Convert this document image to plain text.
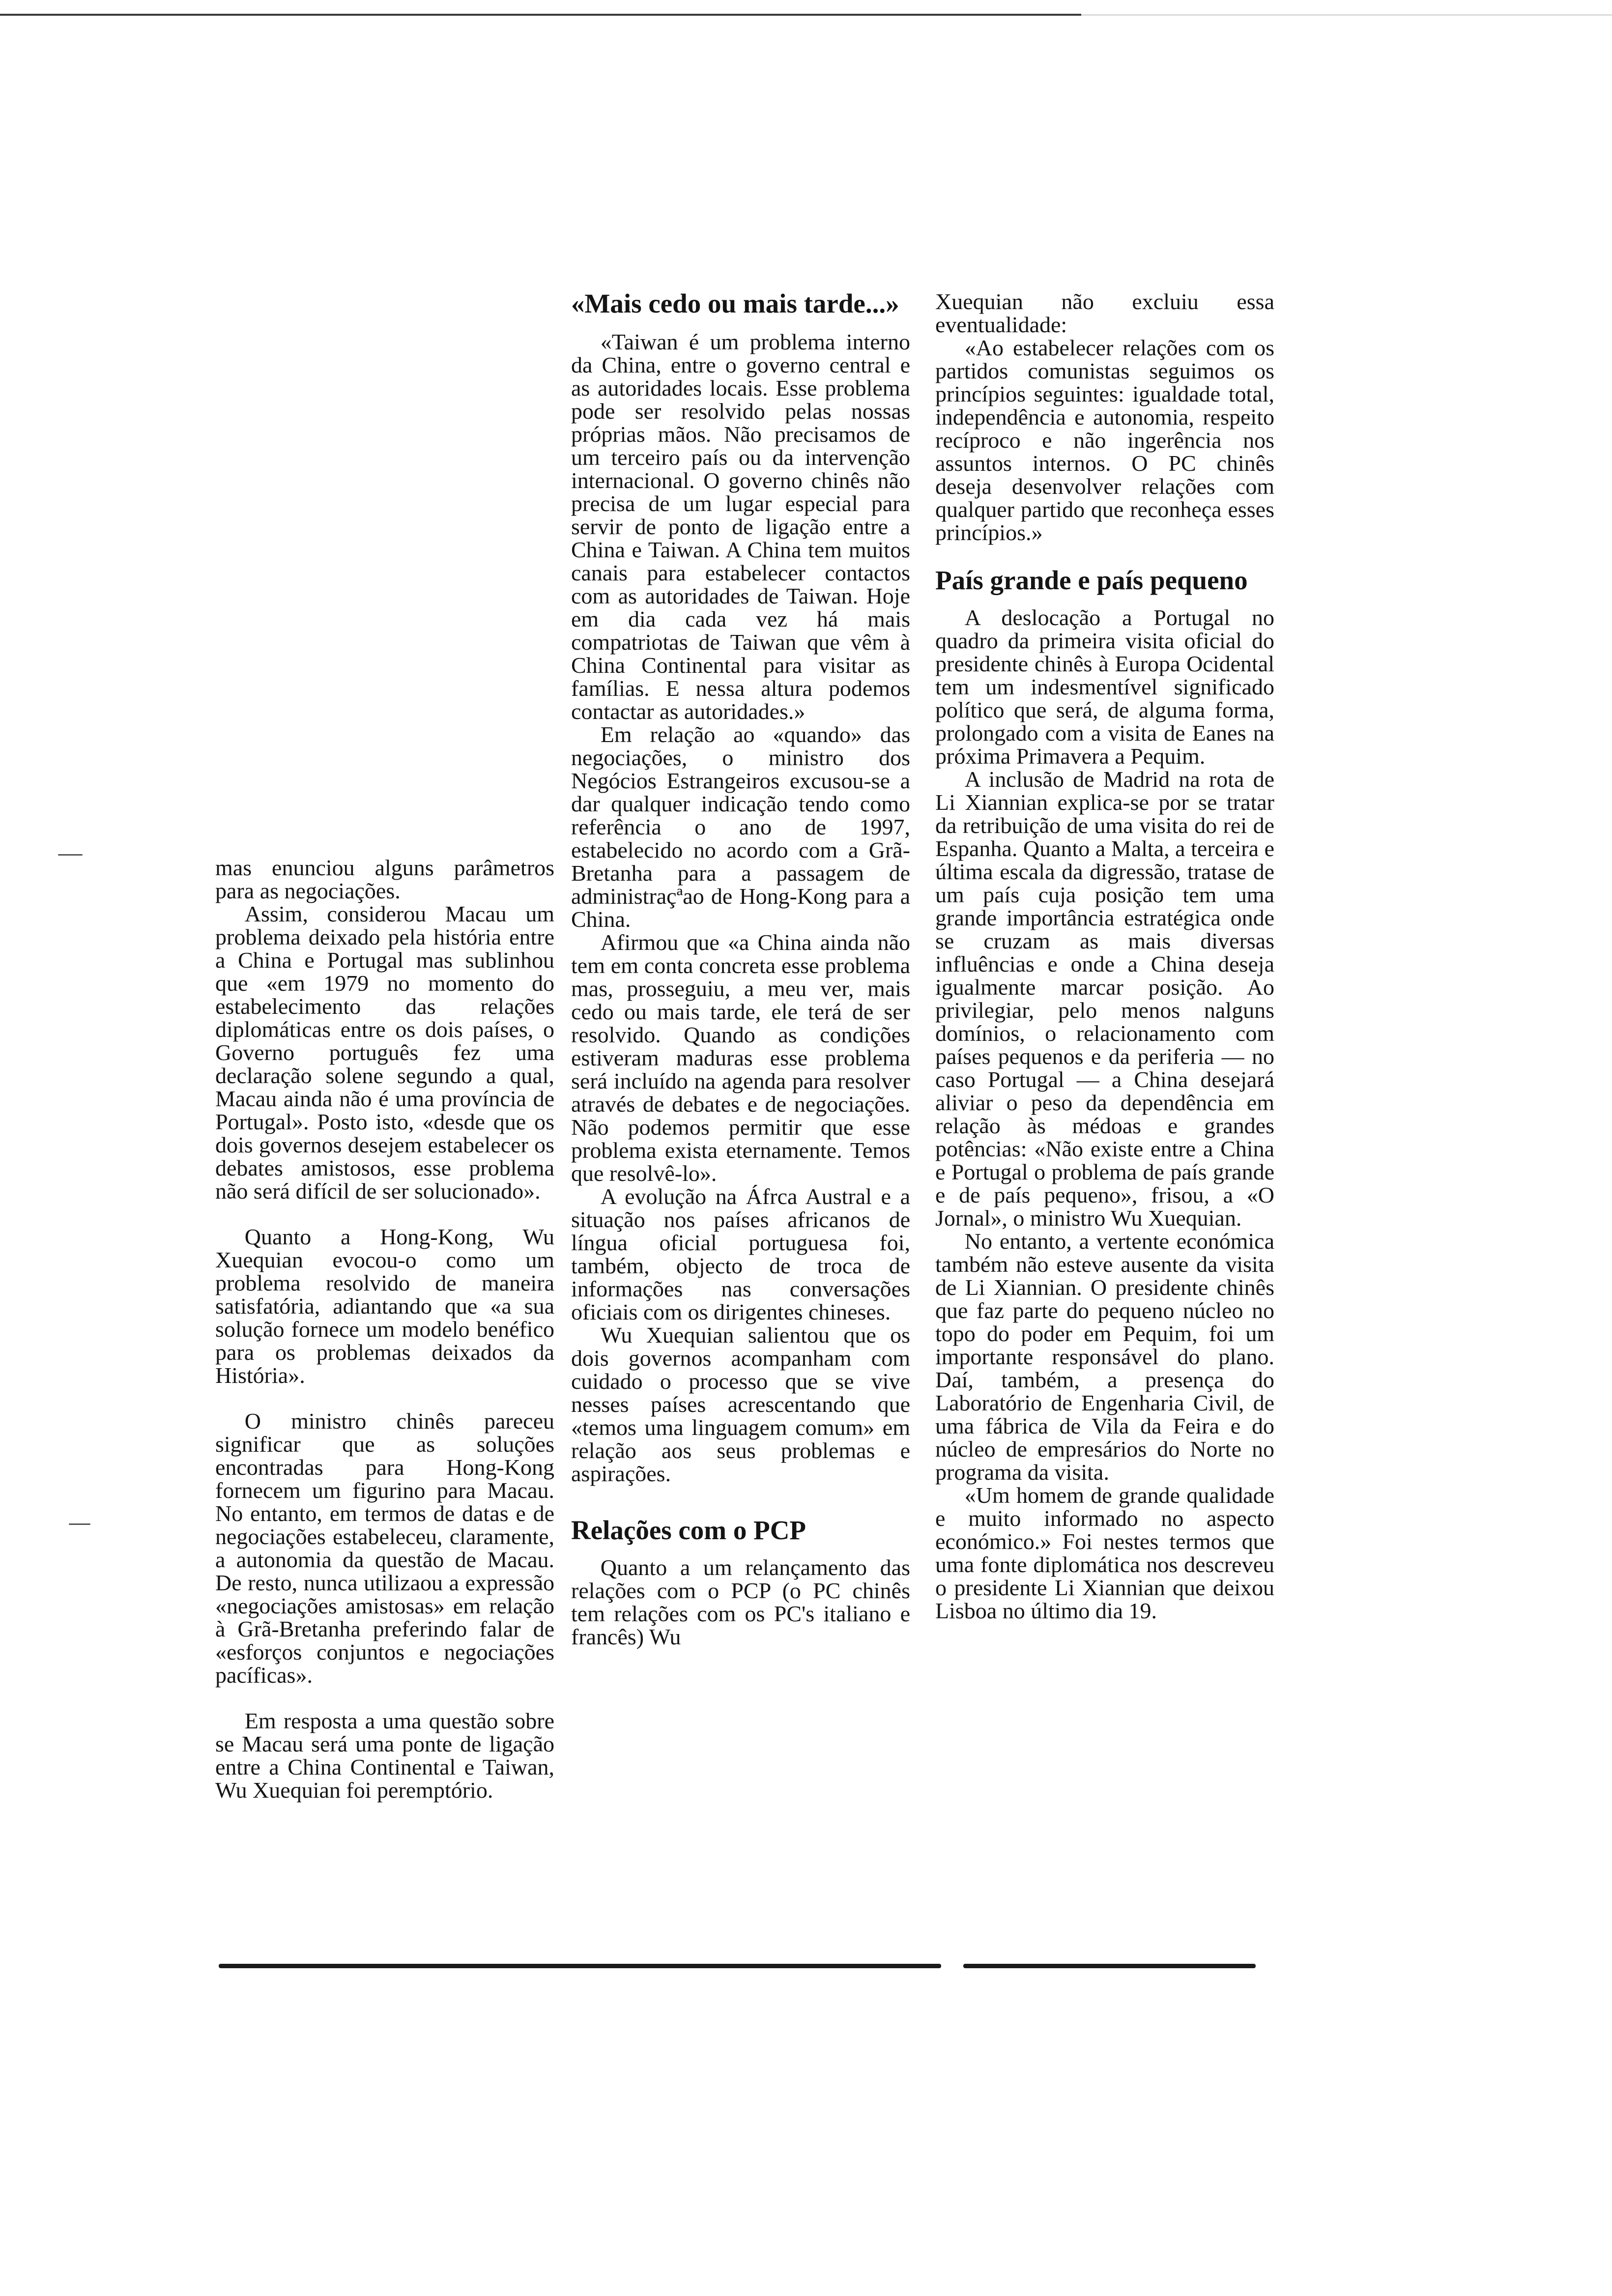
mas enunciou alguns parâmetros para as negociações.

Assim, considerou Macau um problema deixado pela história entre a China e Portugal mas sublinhou que «em 1979 no momento do estabelecimento das relações diplomáticas entre os dois países, o Governo português fez uma declaração solene segundo a qual, Macau ainda não é uma província de Portugal». Posto isto, «desde que os dois governos desejem estabelecer os debates amistosos, esse problema não será difícil de ser solucionado».

Quanto a Hong-Kong, Wu Xuequian evocou-o como um problema resolvido de maneira satisfatória, adiantando que «a sua solução fornece um modelo benéfico para os problemas deixados da História».

O ministro chinês pareceu significar que as soluções encontradas para Hong-Kong fornecem um figurino para Macau. No entanto, em termos de datas e de negociações estabeleceu, claramente, a autonomia da questão de Macau. De resto, nunca utilizaou a expressão «negociações amistosas» em relação à Grã-Bretanha preferindo falar de «esforços conjuntos e negociações pacíficas».

Em resposta a uma questão sobre se Macau será uma ponte de ligação entre a China Continental e Taiwan, Wu Xuequian foi peremptório.

«Mais cedo ou mais tarde...»

«Taiwan é um problema interno da China, entre o governo central e as autoridades locais. Esse problema pode ser resolvido pelas nossas próprias mãos. Não precisamos de um terceiro país ou da intervenção internacional. O governo chinês não precisa de um lugar especial para servir de ponto de ligação entre a China e Taiwan. A China tem muitos canais para estabelecer contactos com as autoridades de Taiwan. Hoje em dia cada vez há mais compatriotas de Taiwan que vêm à China Continental para visitar as famílias. E nessa altura podemos contactar as autoridades.»

Em relação ao «quando» das negociações, o ministro dos Negócios Estrangeiros excusou-se a dar qualquer indicação tendo como referência o ano de 1997, estabelecido no acordo com a Grã-Bretanha para a passagem de administraçªao de Hong-Kong para a China.

Afirmou que «a China ainda não tem em conta concreta esse problema mas, prosseguiu, a meu ver, mais cedo ou mais tarde, ele terá de ser resolvido. Quando as condições estiveram maduras esse problema será incluído na agenda para resolver através de debates e de negociações. Não podemos permitir que esse problema exista eternamente. Temos que resolvê-lo».

A evolução na Áfrca Austral e a situação nos países africanos de língua oficial portuguesa foi, também, objecto de troca de informações nas conversações oficiais com os dirigentes chineses.

Wu Xuequian salientou que os dois governos acompanham com cuidado o processo que se vive nesses países acrescentando que «temos uma linguagem comum» em relação aos seus problemas e aspirações.

Relações com o PCP

Quanto a um relançamento das relações com o PCP (o PC chinês tem relações com os PC's italiano e francês) Wu

Xuequian não excluiu essa eventualidade:

«Ao estabelecer relações com os partidos comunistas seguimos os princípios seguintes: igualdade total, independência e autonomia, respeito recíproco e não ingerência nos assuntos internos. O PC chinês deseja desenvolver relações com qualquer partido que reconheça esses princípios.»

País grande e país pequeno

A deslocação a Portugal no quadro da primeira visita oficial do presidente chinês à Europa Ocidental tem um indesmentível significado político que será, de alguma forma, prolongado com a visita de Eanes na próxima Primavera a Pequim.

A inclusão de Madrid na rota de Li Xiannian explica-se por se tratar da retribuição de uma visita do rei de Espanha. Quanto a Malta, a terceira e última escala da digressão, tratase de um país cuja posição tem uma grande importância estratégica onde se cruzam as mais diversas influências e onde a China deseja igualmente marcar posição. Ao privilegiar, pelo menos nalguns domínios, o relacionamento com países pequenos e da periferia — no caso Portugal — a China desejará aliviar o peso da dependência em relação às médoas e grandes potências: «Não existe entre a China e Portugal o problema de país grande e de país pequeno», frisou, a «O Jornal», o ministro Wu Xuequian.

No entanto, a vertente económica também não esteve ausente da visita de Li Xiannian. O presidente chinês que faz parte do pequeno núcleo no topo do poder em Pequim, foi um importante responsável do plano. Daí, também, a presença do Laboratório de Engenharia Civil, de uma fábrica de Vila da Feira e do núcleo de empresários do Norte no programa da visita.

«Um homem de grande qualidade e muito informado no aspecto económico.» Foi nestes termos que uma fonte diplomática nos descreveu o presidente Li Xiannian que deixou Lisboa no último dia 19.
